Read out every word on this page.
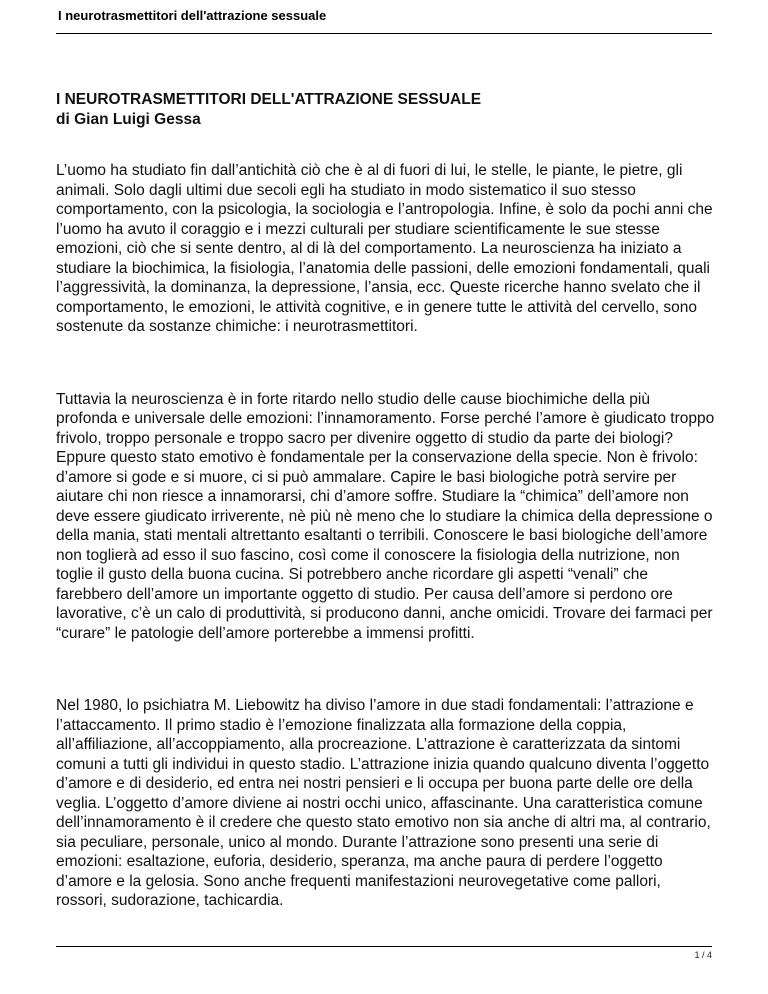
I neurotrasmettitori dell'attrazione sessuale
I NEUROTRASMETTITORI DELL'ATTRAZIONE SESSUALE
di Gian Luigi Gessa

L’uomo ha studiato fin dall’antichità ciò che è al di fuori di lui, le stelle, le piante, le pietre, gli
animali. Solo dagli ultimi due secoli egli ha studiato in modo sistematico il suo stesso
comportamento, con la psicologia, la sociologia e l’antropologia. Infine, è solo da pochi anni che
l’uomo ha avuto il coraggio e i mezzi culturali per studiare scientificamente le sue stesse
emozioni, ciò che si sente dentro, al di là del comportamento. La neuroscienza ha iniziato a
studiare la biochimica, la fisiologia, l’anatomia delle passioni, delle emozioni fondamentali, quali
l’aggressività, la dominanza, la depressione, l’ansia, ecc. Queste ricerche hanno svelato che il
comportamento, le emozioni, le attività cognitive, e in genere tutte le attività del cervello, sono
sostenute da sostanze chimiche: i neurotrasmettitori.

Tuttavia la neuroscienza è in forte ritardo nello studio delle cause biochimiche della più
profonda e universale delle emozioni: l’innamoramento. Forse perché l’amore è giudicato troppo
frivolo, troppo personale e troppo sacro per divenire oggetto di studio da parte dei biologi?
Eppure questo stato emotivo è fondamentale per la conservazione della specie. Non è frivolo:
d’amore si gode e si muore, ci si può ammalare. Capire le basi biologiche potrà servire per
aiutare chi non riesce a innamorarsi, chi d’amore soffre. Studiare la “chimica” dell’amore non
deve essere giudicato irriverente, nè più nè meno che lo studiare la chimica della depressione o
della mania, stati mentali altrettanto esaltanti o terribili. Conoscere le basi biologiche dell’amore
non toglierà ad esso il suo fascino, così come il conoscere la fisiologia della nutrizione, non
toglie il gusto della buona cucina. Si potrebbero anche ricordare gli aspetti “venali” che
farebbero dell’amore un importante oggetto di studio. Per causa dell’amore si perdono ore
lavorative, c’è un calo di produttività, si producono danni, anche omicidi. Trovare dei farmaci per
“curare” le patologie dell’amore porterebbe a immensi profitti.

Nel 1980, lo psichiatra M. Liebowitz ha diviso l’amore in due stadi fondamentali: l’attrazione e
l’attaccamento. Il primo stadio è l’emozione finalizzata alla formazione della coppia,
all’affiliazione, all’accoppiamento, alla procreazione. L’attrazione è caratterizzata da sintomi
comuni a tutti gli individui in questo stadio. L’attrazione inizia quando qualcuno diventa l’oggetto
d’amore e di desiderio, ed entra nei nostri pensieri e li occupa per buona parte delle ore della
veglia. L’oggetto d’amore diviene ai nostri occhi unico, affascinante. Una caratteristica comune
dell’innamoramento è il credere che questo stato emotivo non sia anche di altri ma, al contrario,
sia peculiare, personale, unico al mondo. Durante l’attrazione sono presenti una serie di
emozioni: esaltazione, euforia, desiderio, speranza, ma anche paura di perdere l’oggetto
d’amore e la gelosia. Sono anche frequenti manifestazioni neurovegetative come pallori,
rossori, sudorazione, tachicardia.

1 / 4
